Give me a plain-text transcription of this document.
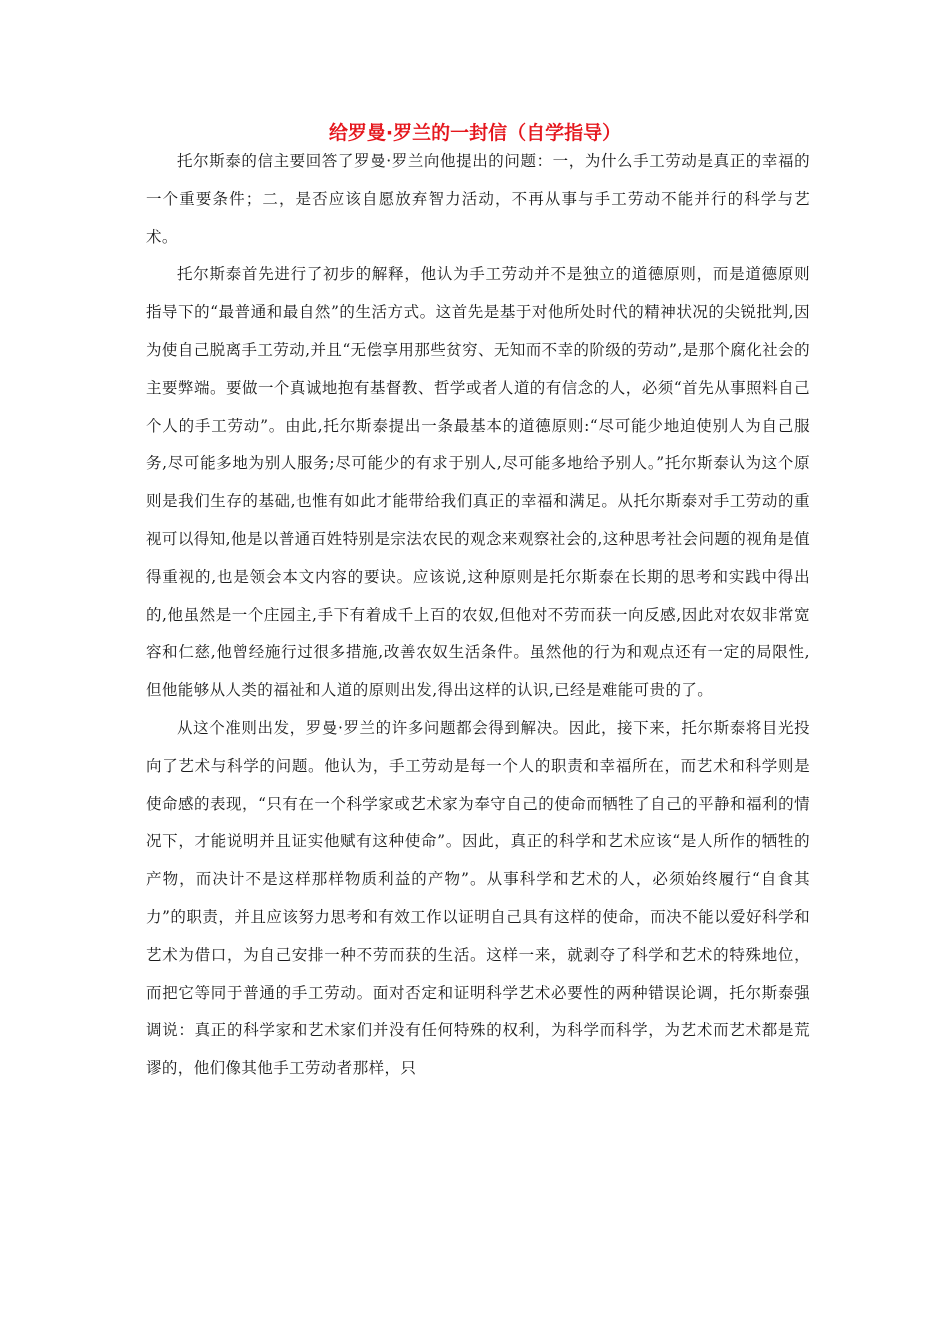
给罗曼·罗兰的一封信（自学指导）

托尔斯泰的信主要回答了罗曼·罗兰向他提出的问题：一，为什么手工劳动是真正的幸福的一个重要条件；二，是否应该自愿放弃智力活动，不再从事与手工劳动不能并行的科学与艺术。

托尔斯泰首先进行了初步的解释，他认为手工劳动并不是独立的道德原则，而是道德原则指导下的“最普通和最自然”的生活方式。这首先是基于对他所处时代的精神状况的尖锐批判,因为使自己脱离手工劳动,并且“无偿享用那些贫穷、无知而不幸的阶级的劳动”,是那个腐化社会的主要弊端。要做一个真诚地抱有基督教、哲学或者人道的有信念的人，必须“首先从事照料自己个人的手工劳动”。由此,托尔斯泰提出一条最基本的道德原则:“尽可能少地迫使别人为自己服务,尽可能多地为别人服务;尽可能少的有求于别人,尽可能多地给予别人。”托尔斯泰认为这个原则是我们生存的基础,也惟有如此才能带给我们真正的幸福和满足。从托尔斯泰对手工劳动的重视可以得知,他是以普通百姓特别是宗法农民的观念来观察社会的,这种思考社会问题的视角是值得重视的,也是领会本文内容的要诀。应该说,这种原则是托尔斯泰在长期的思考和实践中得出的,他虽然是一个庄园主,手下有着成千上百的农奴,但他对不劳而获一向反感,因此对农奴非常宽容和仁慈,他曾经施行过很多措施,改善农奴生活条件。虽然他的行为和观点还有一定的局限性,但他能够从人类的福祉和人道的原则出发,得出这样的认识,已经是难能可贵的了。

从这个准则出发，罗曼·罗兰的许多问题都会得到解决。因此，接下来，托尔斯泰将目光投向了艺术与科学的问题。他认为，手工劳动是每一个人的职责和幸福所在，而艺术和科学则是使命感的表现，“只有在一个科学家或艺术家为奉守自己的使命而牺牲了自己的平静和福利的情况下，才能说明并且证实他赋有这种使命”。因此，真正的科学和艺术应该“是人所作的牺牲的产物，而决计不是这样那样物质利益的产物”。从事科学和艺术的人，必须始终履行“自食其力”的职责，并且应该努力思考和有效工作以证明自己具有这样的使命，而决不能以爱好科学和艺术为借口，为自己安排一种不劳而获的生活。这样一来，就剥夺了科学和艺术的特殊地位，而把它等同于普通的手工劳动。面对否定和证明科学艺术必要性的两种错误论调，托尔斯泰强调说：真正的科学家和艺术家们并没有任何特殊的权利，为科学而科学，为艺术而艺术都是荒谬的，他们像其他手工劳动者那样，只
